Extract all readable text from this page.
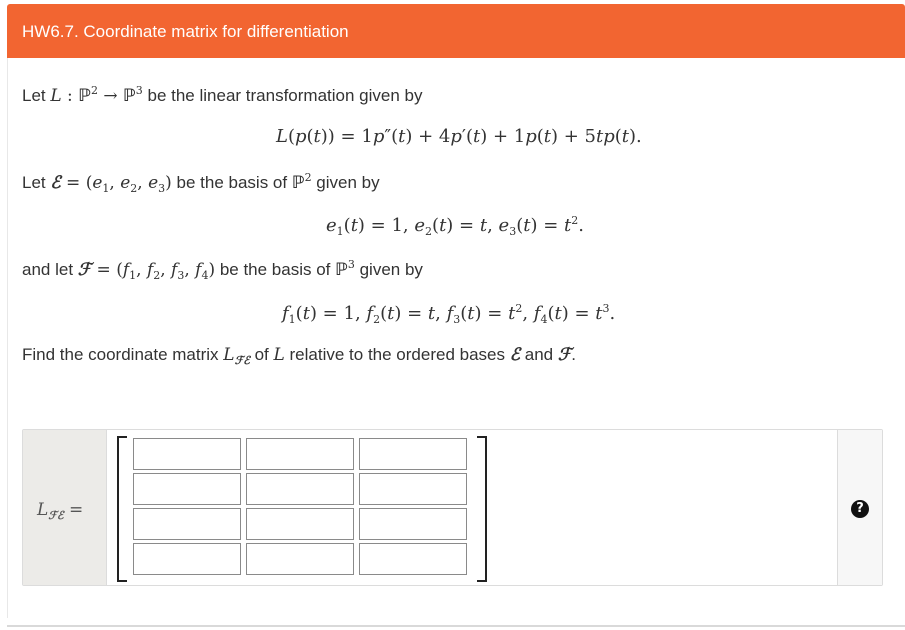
HW6.7. Coordinate matrix for differentiation
Let L : ℙ$^2$ → ℙ$^3$ be the linear transformation given by
L(p(t)) = 1p″(t) + 4p′(t) + 1p(t) + 5tp(t).
Let ℰ = ($e_1$, $e_2$, $e_3$) be the basis of ℙ$^2$ given by
$e_1(t) = 1$, $e_2(t) = t$, $e_3(t) = t^2$.
and let ℱ = ($f_1$, $f_2$, $f_3$, $f_4$) be the basis of ℙ$^3$ given by
$f_1(t) = 1$, $f_2(t) = t$, $f_3(t) = t^2$, $f_4(t) = t^3$.
Find the coordinate matrix $L_{ℱℰ}$ of L relative to the ordered bases ℰ and ℱ.
$L_{ℱℰ}$ =	?
